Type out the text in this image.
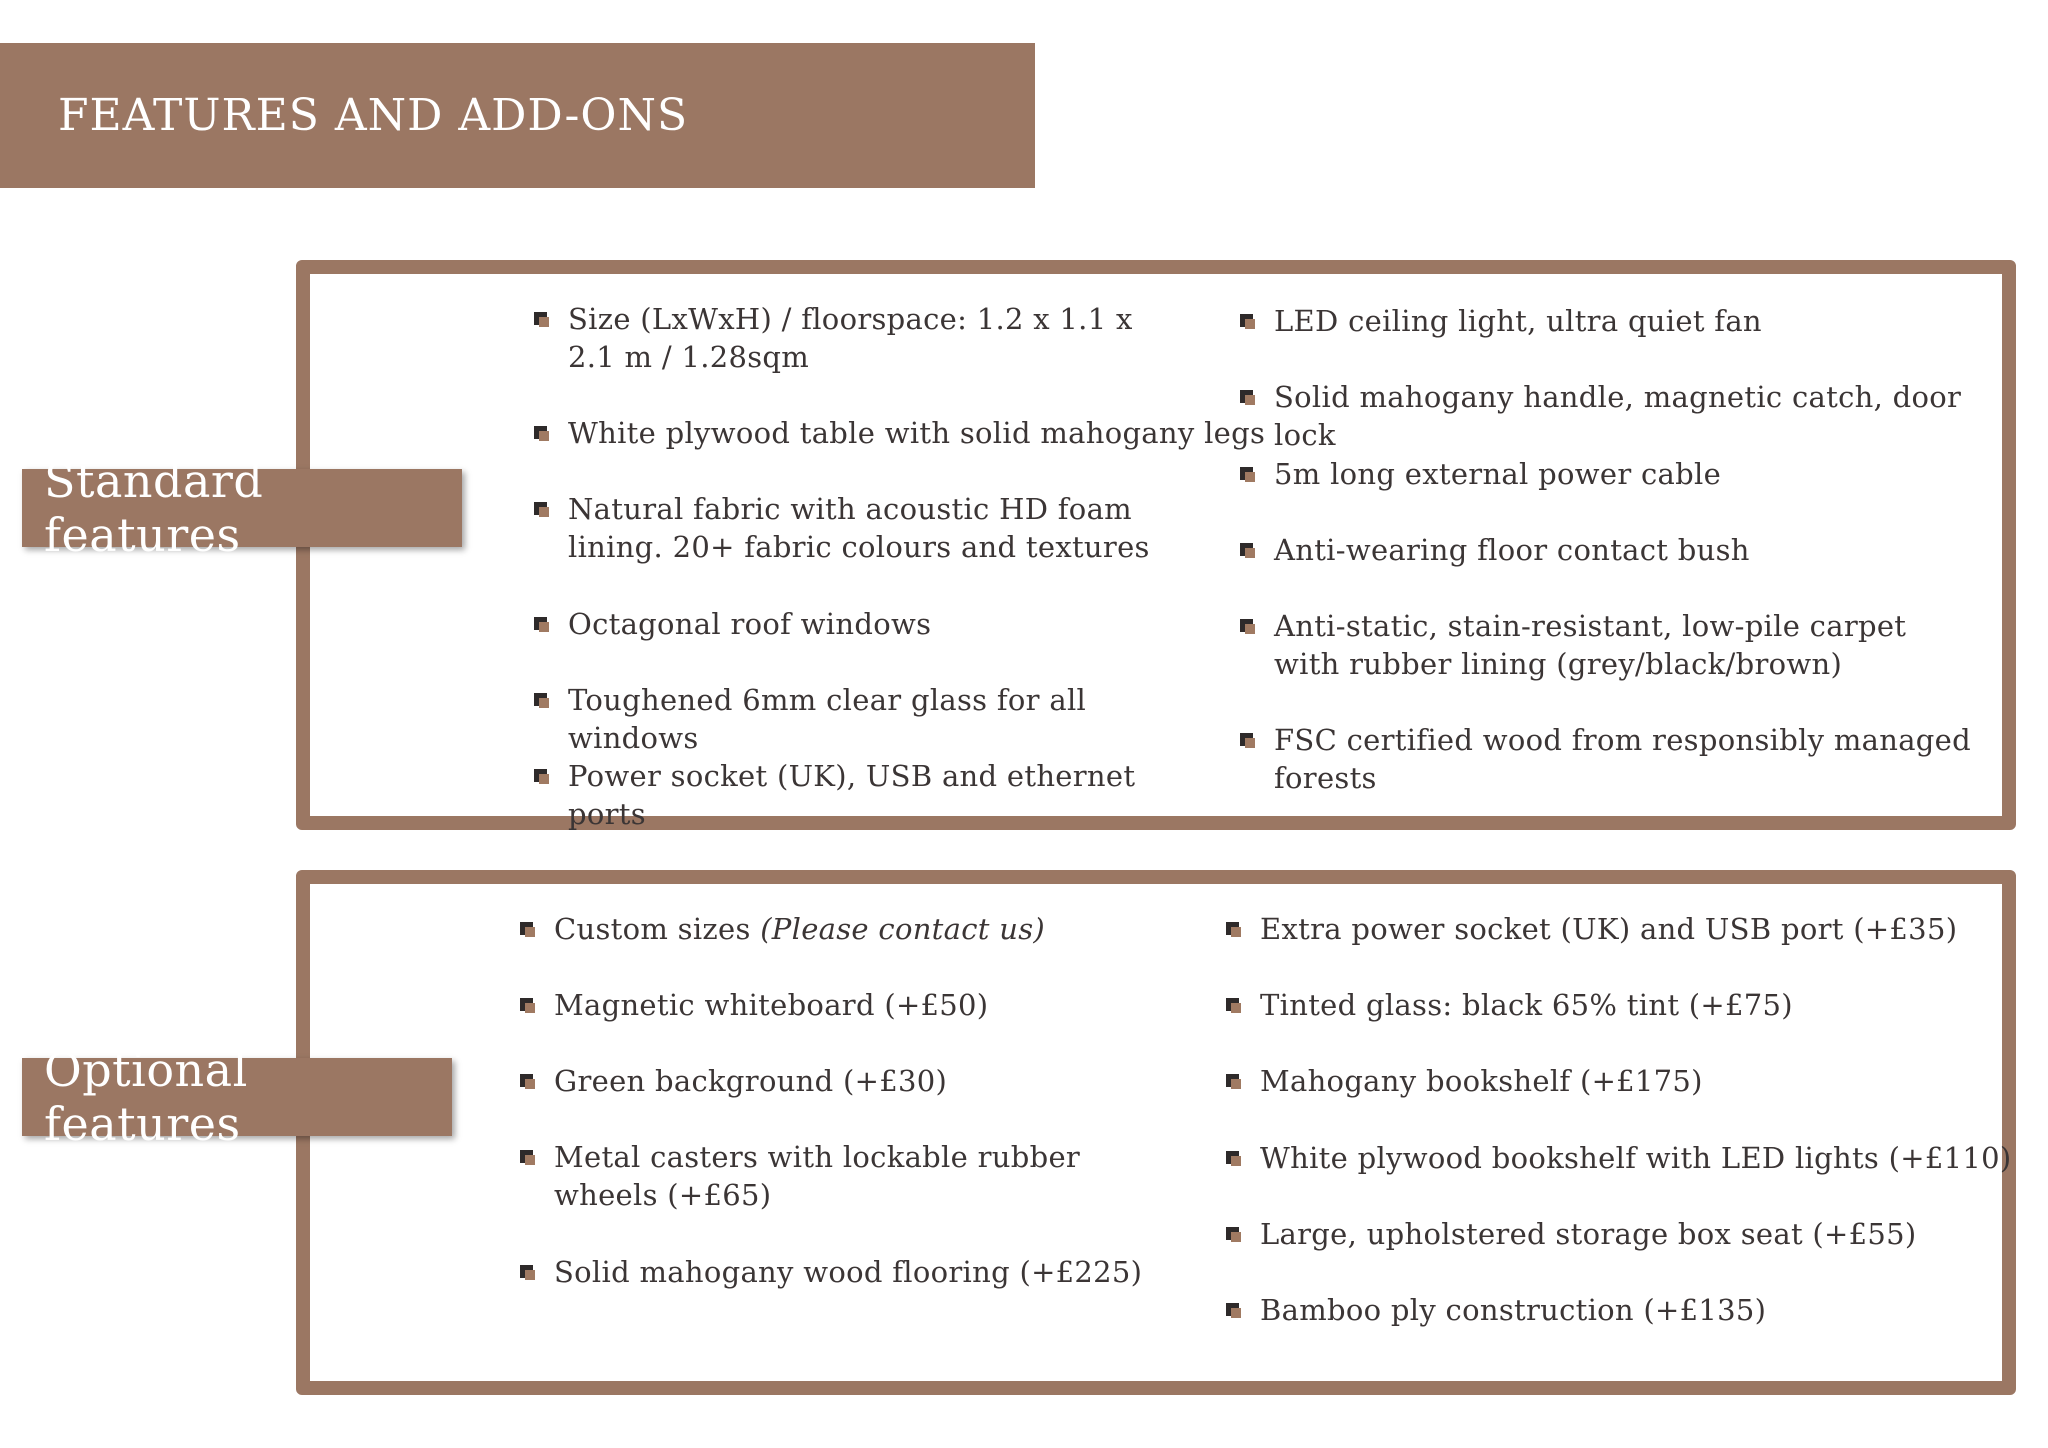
FEATURES AND ADD-ONS
Standard features
Size (LxWxH) / floorspace: 1.2 x 1.1 x 2.1 m / 1.28sqm
White plywood table with solid mahogany legs
Natural fabric with acoustic HD foam lining. 20+ fabric colours and textures
Octagonal roof windows
Toughened 6mm clear glass for all windows
Power socket (UK), USB and ethernet ports
LED ceiling light, ultra quiet fan
Solid mahogany handle, magnetic catch, door lock
5m long external power cable
Anti-wearing floor contact bush
Anti-static, stain-resistant, low-pile carpet with rubber lining (grey/black/brown)
FSC certified wood from responsibly managed forests
Optional features
Custom sizes (Please contact us)
Magnetic whiteboard (+£50)
Green background (+£30)
Metal casters with lockable rubber wheels (+£65)
Solid mahogany wood flooring (+£225)
Extra power socket (UK) and USB port (+£35)
Tinted glass: black 65% tint (+£75)
Mahogany bookshelf (+£175)
White plywood bookshelf with LED lights (+£110)
Large, upholstered storage box seat (+£55)
Bamboo ply construction (+£135)
